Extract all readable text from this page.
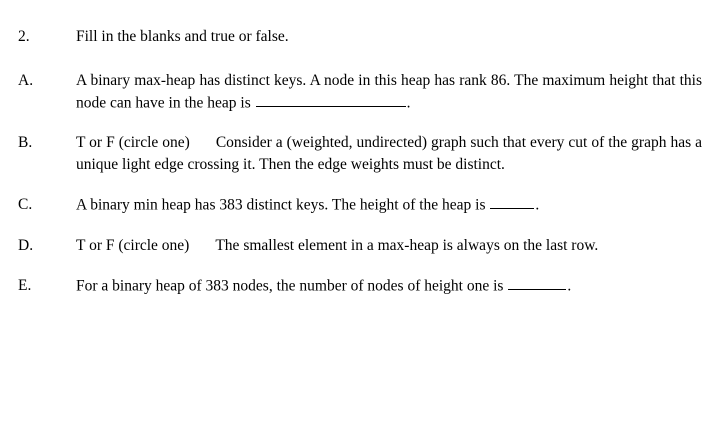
2.	Fill in the blanks and true or false.
A.	A binary max-heap has distinct keys. A node in this heap has rank 86. The maximum height that this node can have in the heap is	.
B.	T or F (circle one) Consider a (weighted, undirected) graph such that every cut of the graph has a unique light edge crossing it. Then the edge weights must be distinct.
C.	A binary min heap has 383 distinct keys. The height of the heap is	.
D.	T or F (circle one) The smallest element in a max-heap is always on the last row.
E.	For a binary heap of 383 nodes, the number of nodes of height one is	.
